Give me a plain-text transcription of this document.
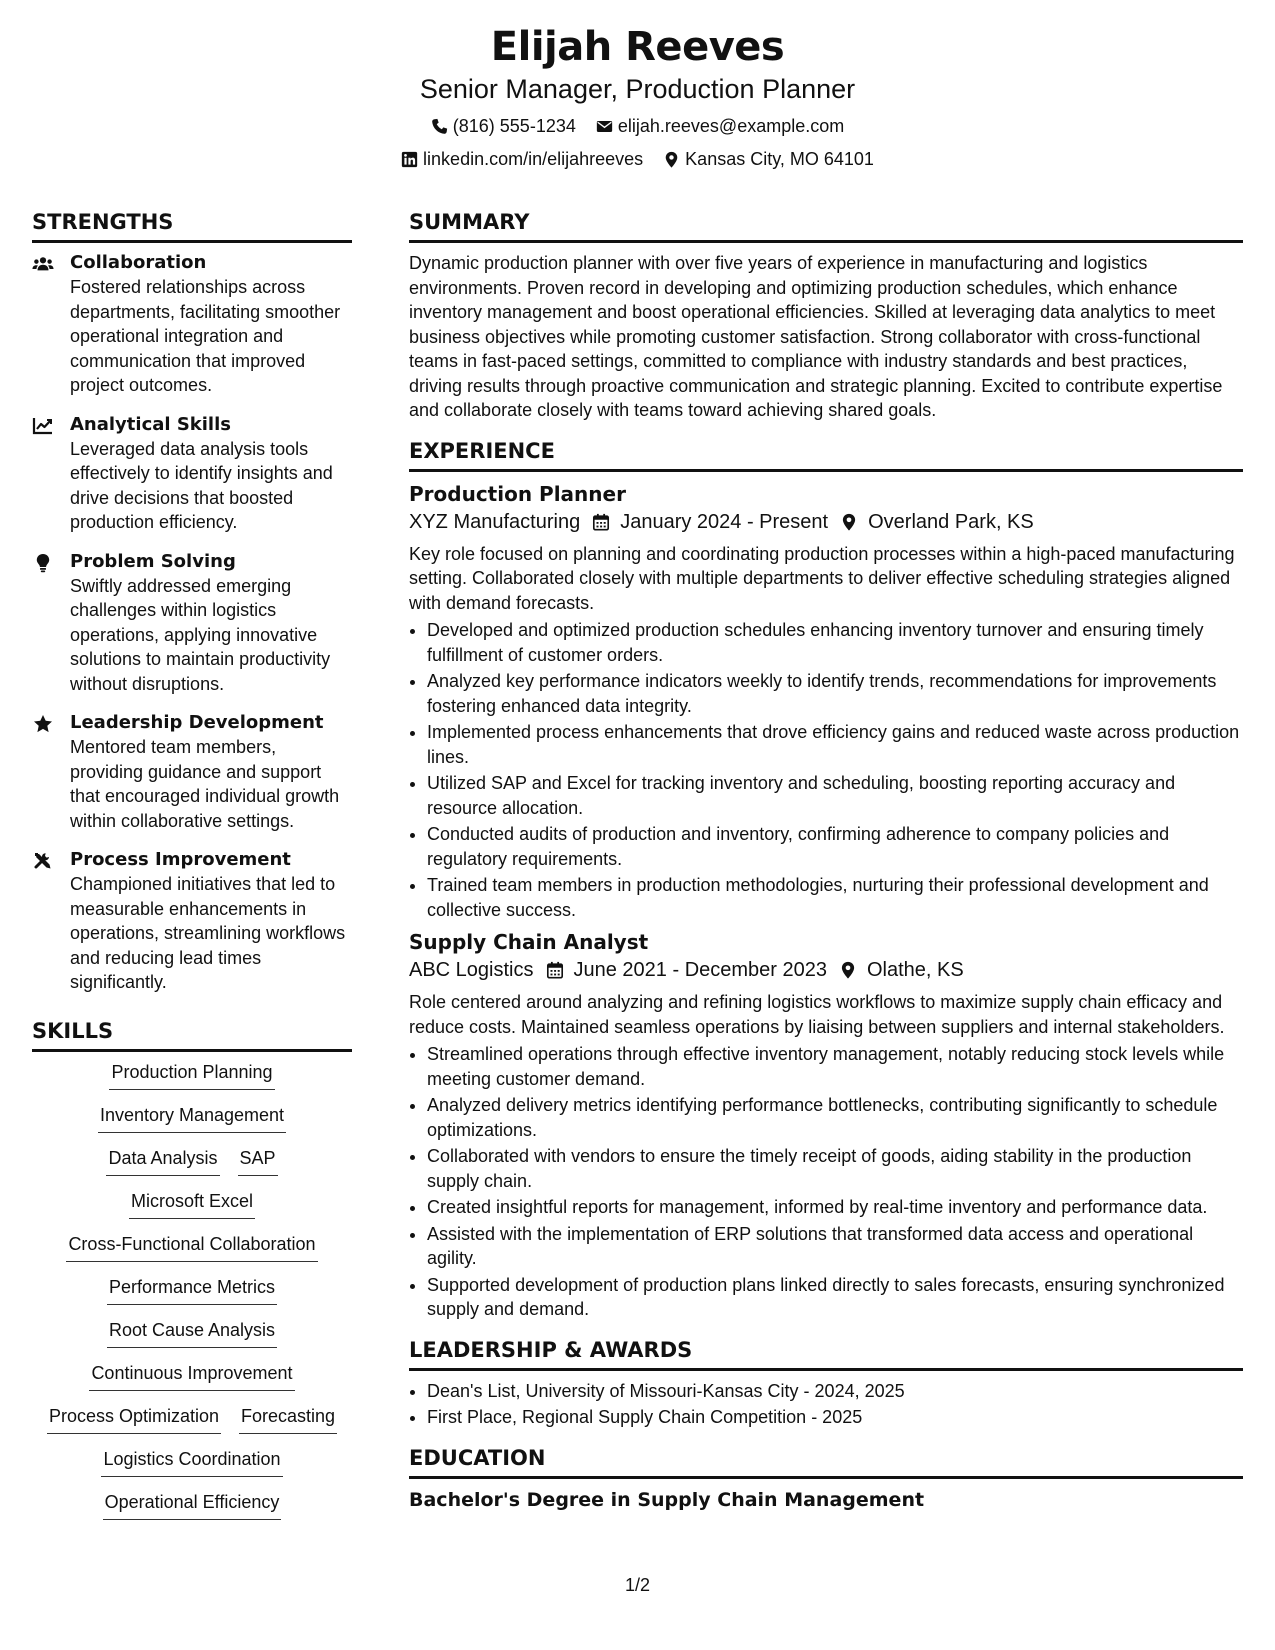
Elijah Reeves
Senior Manager, Production Planner
(816) 555-1234 elijah.reeves@example.com
linkedin.com/in/elijahreeves Kansas City, MO 64101
STRENGTHS
Collaboration
Fostered relationships across departments, facilitating smoother operational integration and communication that improved project outcomes.
Analytical Skills
Leveraged data analysis tools effectively to identify insights and drive decisions that boosted production efficiency.
Problem Solving
Swiftly addressed emerging challenges within logistics operations, applying innovative solutions to maintain productivity without disruptions.
Leadership Development
Mentored team members, providing guidance and support that encouraged individual growth within collaborative settings.
Process Improvement
Championed initiatives that led to measurable enhancements in operations, streamlining workflows and reducing lead times significantly.
SKILLS
Production Planning
Inventory Management
Data Analysis SAP
Microsoft Excel
Cross-Functional Collaboration
Performance Metrics
Root Cause Analysis
Continuous Improvement
Process Optimization Forecasting
Logistics Coordination
Operational Efficiency
SUMMARY
Dynamic production planner with over five years of experience in manufacturing and logistics environments. Proven record in developing and optimizing production schedules, which enhance inventory management and boost operational efficiencies. Skilled at leveraging data analytics to meet business objectives while promoting customer satisfaction. Strong collaborator with cross-functional teams in fast-paced settings, committed to compliance with industry standards and best practices, driving results through proactive communication and strategic planning. Excited to contribute expertise and collaborate closely with teams toward achieving shared goals.
EXPERIENCE
Production Planner
XYZ Manufacturing January 2024 - Present Overland Park, KS
Key role focused on planning and coordinating production processes within a high-paced manufacturing setting. Collaborated closely with multiple departments to deliver effective scheduling strategies aligned with demand forecasts.
• Developed and optimized production schedules enhancing inventory turnover and ensuring timely fulfillment of customer orders.
• Analyzed key performance indicators weekly to identify trends, recommendations for improvements fostering enhanced data integrity.
• Implemented process enhancements that drove efficiency gains and reduced waste across production lines.
• Utilized SAP and Excel for tracking inventory and scheduling, boosting reporting accuracy and resource allocation.
• Conducted audits of production and inventory, confirming adherence to company policies and regulatory requirements.
• Trained team members in production methodologies, nurturing their professional development and collective success.
Supply Chain Analyst
ABC Logistics June 2021 - December 2023 Olathe, KS
Role centered around analyzing and refining logistics workflows to maximize supply chain efficacy and reduce costs. Maintained seamless operations by liaising between suppliers and internal stakeholders.
• Streamlined operations through effective inventory management, notably reducing stock levels while meeting customer demand.
• Analyzed delivery metrics identifying performance bottlenecks, contributing significantly to schedule optimizations.
• Collaborated with vendors to ensure the timely receipt of goods, aiding stability in the production supply chain.
• Created insightful reports for management, informed by real-time inventory and performance data.
• Assisted with the implementation of ERP solutions that transformed data access and operational agility.
• Supported development of production plans linked directly to sales forecasts, ensuring synchronized supply and demand.
LEADERSHIP & AWARDS
• Dean's List, University of Missouri-Kansas City - 2024, 2025
• First Place, Regional Supply Chain Competition - 2025
EDUCATION
Bachelor's Degree in Supply Chain Management
1/2
